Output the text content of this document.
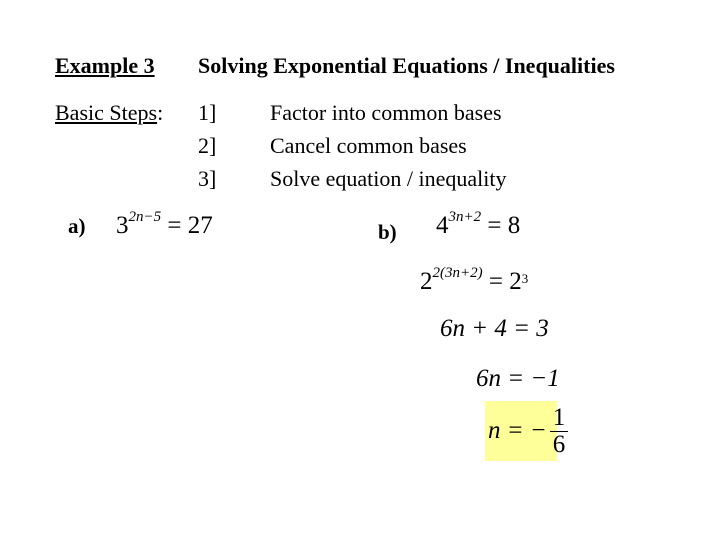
Example 3 Solving Exponential Equations / Inequalities
Basic Steps: 1] Factor into common bases
2] Cancel common bases
3] Solve equation / inequality
a) $3^{2n-5} = 27$	b) $4^{3n+2} = 8$
$2^{2(3n+2)} = 2^3$
6n + 4 = 3
6n = −1
n = − $\frac{1}{6}$
